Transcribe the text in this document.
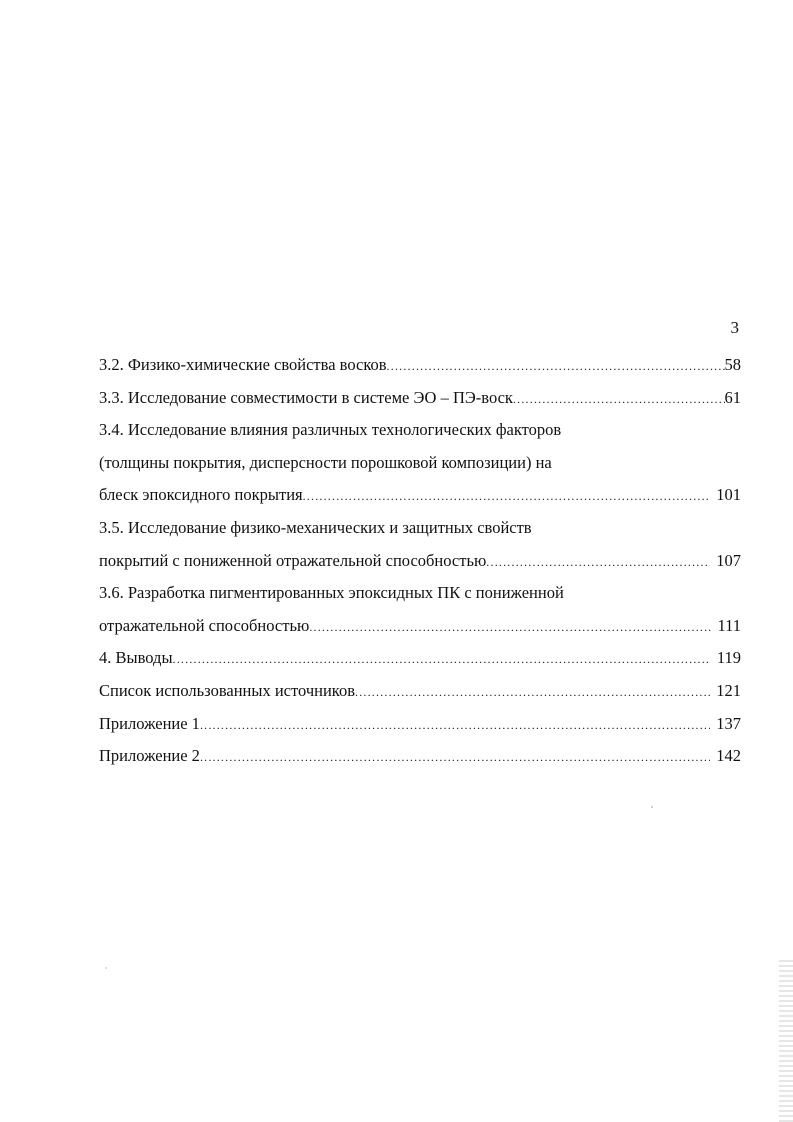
3
3.2. Физико-химические свойства восков .....	58
3.3. Исследование совместимости в системе ЭО – ПЭ-воск .....	61
3.4. Исследование влияния различных технологических факторов
(толщины покрытия, дисперсности порошковой композиции) на
блеск эпоксидного покрытия .....	101
3.5. Исследование физико-механических и защитных свойств
покрытий с пониженной отражательной способностью .....	107
3.6. Разработка пигментированных эпоксидных ПК с пониженной
отражательной способностью .....	111
4. Выводы .....	119
Список использованных источников .....	121
Приложение 1 .....	137
Приложение 2 .....	142
